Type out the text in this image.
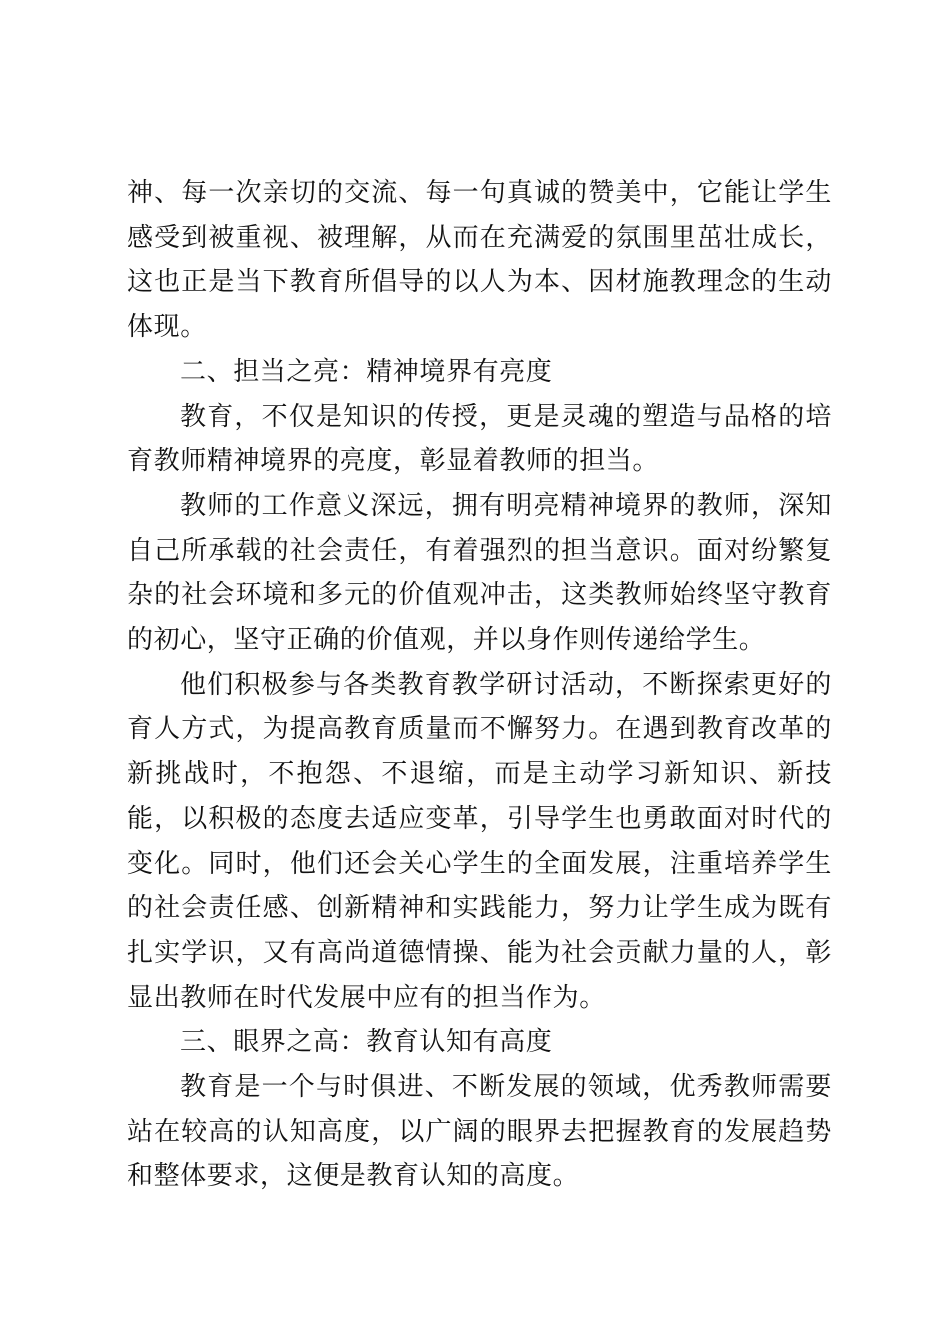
神、每一次亲切的交流、每一句真诚的赞美中，它能让学生感受到被重视、被理解，从而在充满爱的氛围里茁壮成长，这也正是当下教育所倡导的以人为本、因材施教理念的生动体现。

二、担当之亮：精神境界有亮度

教育，不仅是知识的传授，更是灵魂的塑造与品格的培育教师精神境界的亮度，彰显着教师的担当。

教师的工作意义深远，拥有明亮精神境界的教师，深知自己所承载的社会责任，有着强烈的担当意识。面对纷繁复杂的社会环境和多元的价值观冲击，这类教师始终坚守教育的初心，坚守正确的价值观，并以身作则传递给学生。

他们积极参与各类教育教学研讨活动，不断探索更好的育人方式，为提高教育质量而不懈努力。在遇到教育改革的新挑战时，不抱怨、不退缩，而是主动学习新知识、新技能，以积极的态度去适应变革，引导学生也勇敢面对时代的变化。同时，他们还会关心学生的全面发展，注重培养学生的社会责任感、创新精神和实践能力，努力让学生成为既有扎实学识，又有高尚道德情操、能为社会贡献力量的人，彰显出教师在时代发展中应有的担当作为。

三、眼界之高：教育认知有高度

教育是一个与时俱进、不断发展的领域，优秀教师需要站在较高的认知高度，以广阔的眼界去把握教育的发展趋势和整体要求，这便是教育认知的高度。
